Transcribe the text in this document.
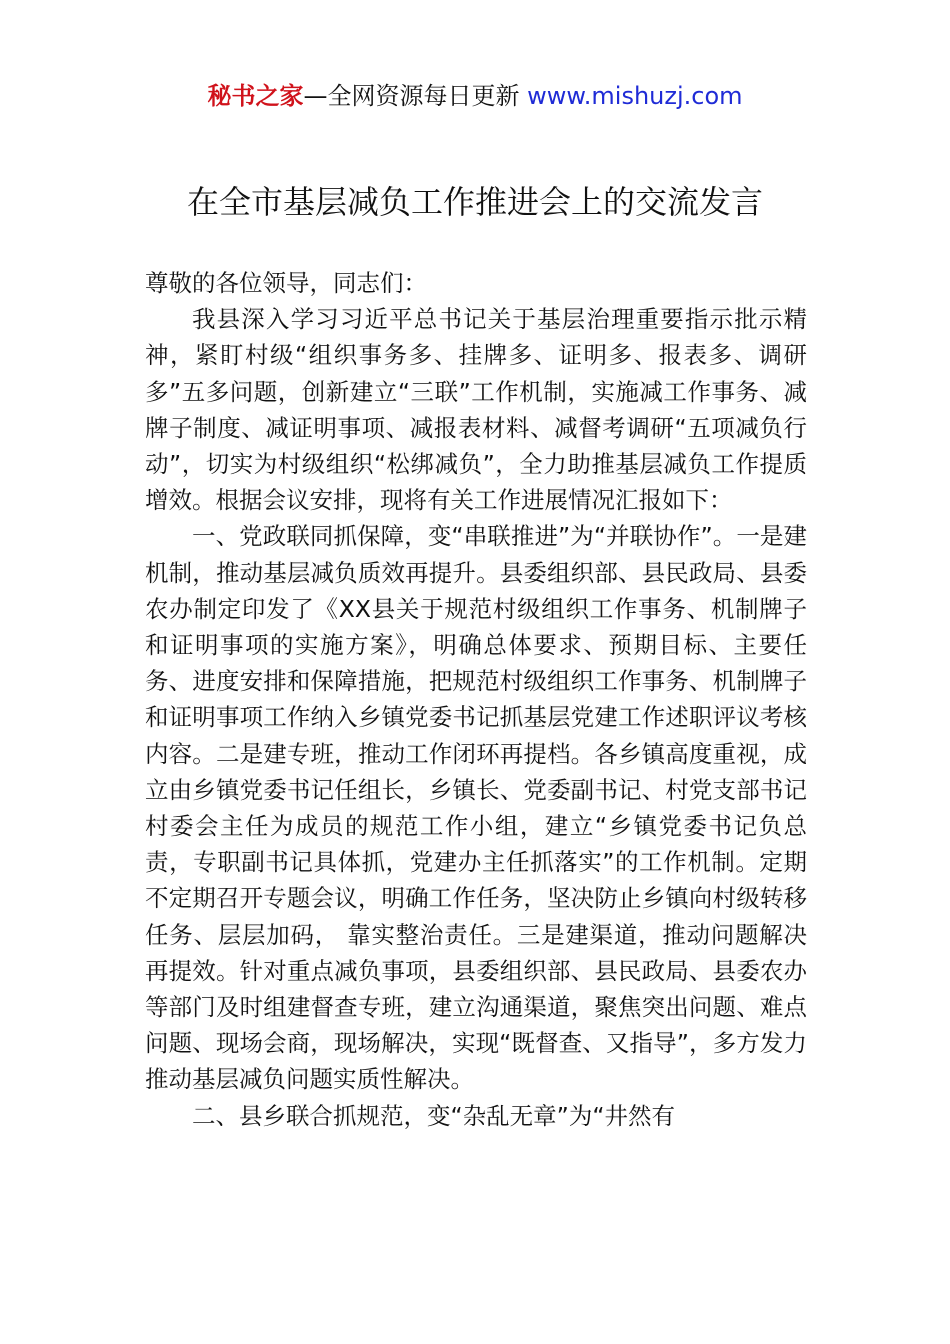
秘书之家—全网资源每日更新 www.mishuzj.com
在全市基层减负工作推进会上的交流发言

尊敬的各位领导，同志们：

我县深入学习习近平总书记关于基层治理重要指示批示精神，紧盯村级“组织事务多、挂牌多、证明多、报表多、调研多”五多问题，创新建立“三联”工作机制，实施减工作事务、减牌子制度、减证明事项、减报表材料、减督考调研“五项减负行动”，切实为村级组织“松绑减负”，全力助推基层减负工作提质增效。根据会议安排，现将有关工作进展情况汇报如下：

一、党政联同抓保障，变“串联推进”为“并联协作”。一是建机制，推动基层减负质效再提升。县委组织部、县民政局、县委农办制定印发了《XX县关于规范村级组织工作事务、机制牌子和证明事项的实施方案》，明确总体要求、预期目标、主要任务、进度安排和保障措施，把规范村级组织工作事务、机制牌子和证明事项工作纳入乡镇党委书记抓基层党建工作述职评议考核内容。二是建专班，推动工作闭环再提档。各乡镇高度重视，成立由乡镇党委书记任组长，乡镇长、党委副书记、村党支部书记村委会主任为成员的规范工作小组，建立“乡镇党委书记负总责，专职副书记具体抓，党建办主任抓落实”的工作机制。定期不定期召开专题会议，明确工作任务，坚决防止乡镇向村级转移任务、层层加码， 靠实整治责任。三是建渠道，推动问题解决再提效。针对重点减负事项，县委组织部、县民政局、县委农办等部门及时组建督查专班，建立沟通渠道，聚焦突出问题、难点问题、现场会商，现场解决，实现“既督查、又指导”，多方发力推动基层减负问题实质性解决。

二、县乡联合抓规范，变“杂乱无章”为“井然有
